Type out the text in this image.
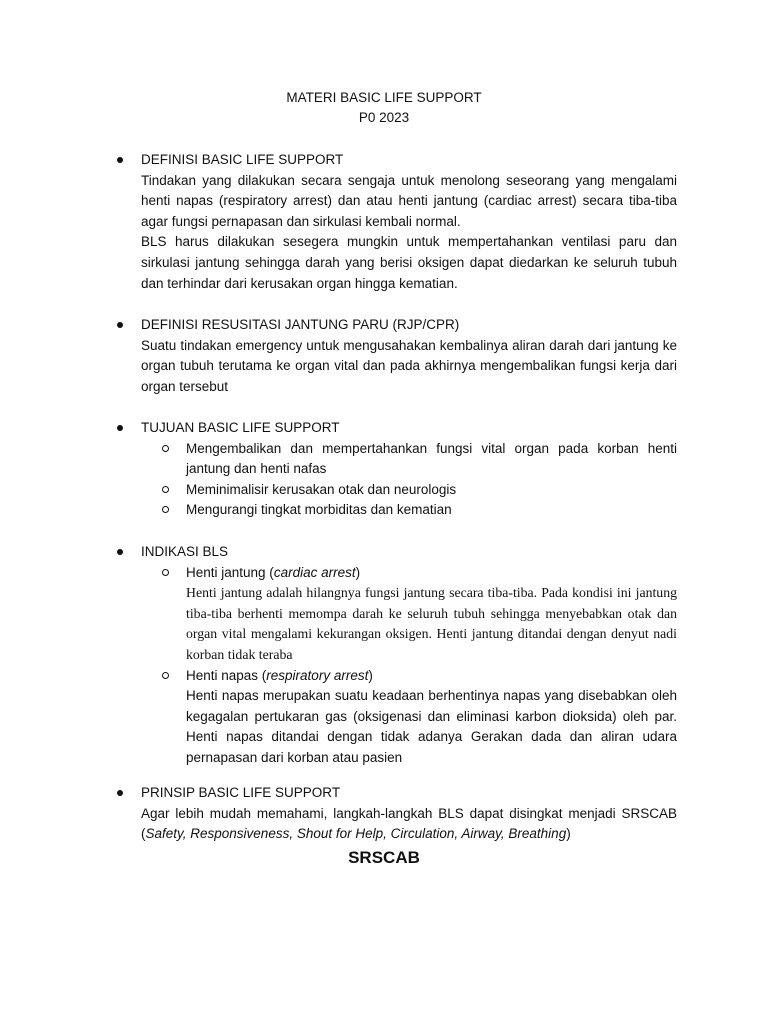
MATERI BASIC LIFE SUPPORT
P0 2023
DEFINISI BASIC LIFE SUPPORT
Tindakan yang dilakukan secara sengaja untuk menolong seseorang yang mengalami henti napas (respiratory arrest) dan atau henti jantung (cardiac arrest) secara tiba-tiba agar fungsi pernapasan dan sirkulasi kembali normal.
BLS harus dilakukan sesegera mungkin untuk mempertahankan ventilasi paru dan sirkulasi jantung sehingga darah yang berisi oksigen dapat diedarkan ke seluruh tubuh dan terhindar dari kerusakan organ hingga kematian.
DEFINISI RESUSITASI JANTUNG PARU (RJP/CPR)
Suatu tindakan emergency untuk mengusahakan kembalinya aliran darah dari jantung ke organ tubuh terutama ke organ vital dan pada akhirnya mengembalikan fungsi kerja dari organ tersebut
TUJUAN BASIC LIFE SUPPORT
Mengembalikan dan mempertahankan fungsi vital organ pada korban henti jantung dan henti nafas
Meminimalisir kerusakan otak dan neurologis
Mengurangi tingkat morbiditas dan kematian
INDIKASI BLS
Henti jantung (cardiac arrest)
Henti jantung adalah hilangnya fungsi jantung secara tiba-tiba. Pada kondisi ini jantung tiba-tiba berhenti memompa darah ke seluruh tubuh sehingga menyebabkan otak dan organ vital mengalami kekurangan oksigen. Henti jantung ditandai dengan denyut nadi korban tidak teraba
Henti napas (respiratory arrest)
Henti napas merupakan suatu keadaan berhentinya napas yang disebabkan oleh kegagalan pertukaran gas (oksigenasi dan eliminasi karbon dioksida) oleh par. Henti napas ditandai dengan tidak adanya Gerakan dada dan aliran udara pernapasan dari korban atau pasien
PRINSIP BASIC LIFE SUPPORT
Agar lebih mudah memahami, langkah-langkah BLS dapat disingkat menjadi SRSCAB (Safety, Responsiveness, Shout for Help, Circulation, Airway, Breathing)
SRSCAB
